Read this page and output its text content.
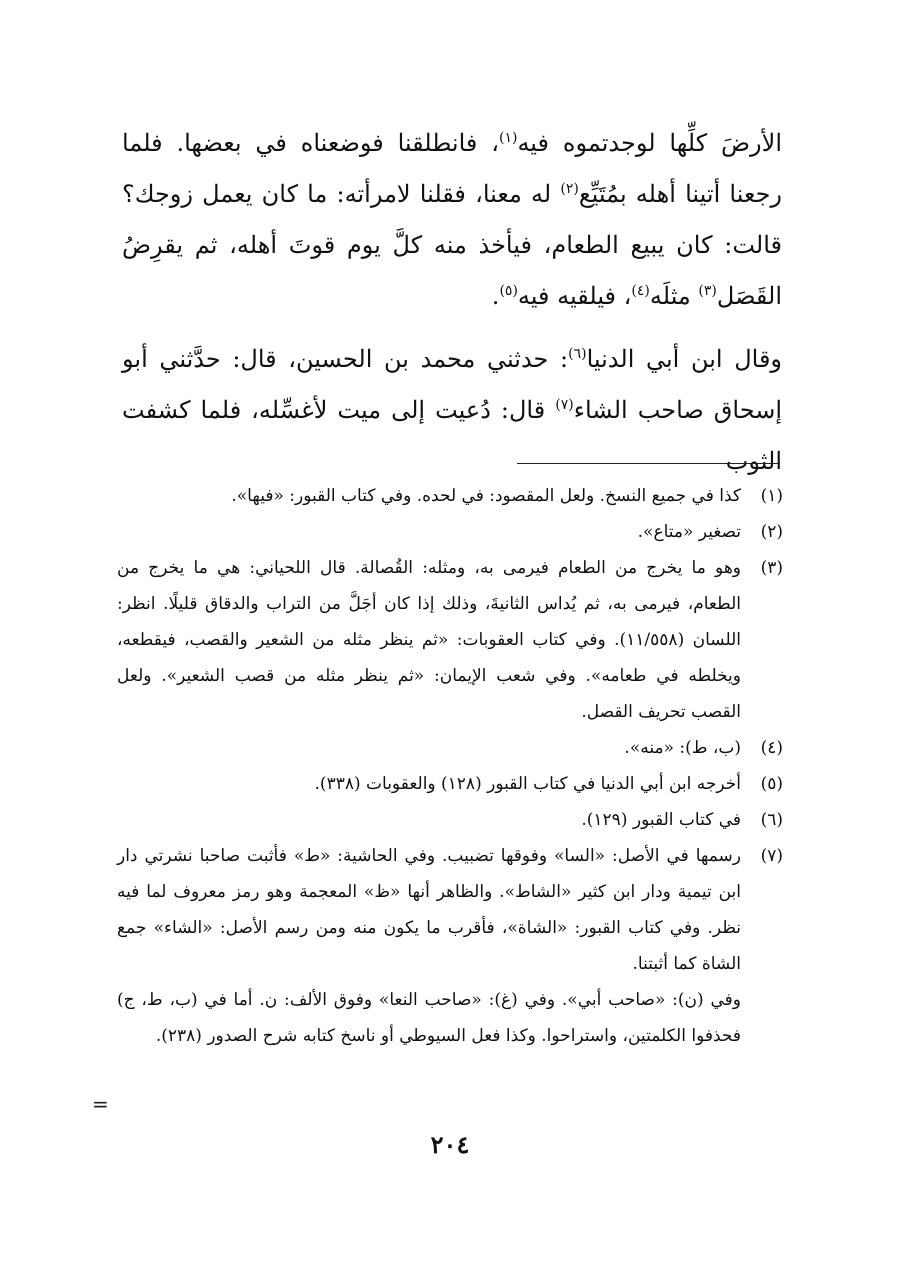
الأرضَ كلِّها لوجدتموه فيه$^{(١)}$، فانطلقنا فوضعناه في بعضها. فلما رجعنا أتينا أهله بمُتَيِّع$^{(٢)}$ له معنا، فقلنا لامرأته: ما كان يعمل زوجك؟ قالت: كان يبيع الطعام، فيأخذ منه كلَّ يوم قوتَ أهله، ثم يقرِضُ القَصَل$^{(٣)}$ مثلَه$^{(٤)}$، فيلقيه فيه$^{(٥)}$.

وقال ابن أبي الدنيا$^{(٦)}$: حدثني محمد بن الحسين، قال: حدَّثني أبو إسحاق صاحب الشاء$^{(٧)}$ قال: دُعيت إلى ميت لأغسِّله، فلما كشفت الثوب

(١)
كذا في جميع النسخ. ولعل المقصود: في لحده. وفي كتاب القبور: «فيها».
(٢)
تصغير «متاع».
(٣)
وهو ما يخرج من الطعام فيرمى به، ومثله: القُصالة. قال اللحياني: هي ما يخرج من الطعام، فيرمى به، ثم يُداس الثانيةَ، وذلك إذا كان أجَلَّ من التراب والدقاق قليلًا. انظر: اللسان (١١/٥٥٨). وفي كتاب العقوبات: «ثم ينظر مثله من الشعير والقصب، فيقطعه، ويخلطه في طعامه». وفي شعب الإيمان: «ثم ينظر مثله من قصب الشعير». ولعل القصب تحريف القصل.
(٤)
(ب، ط): «منه».
(٥)
أخرجه ابن أبي الدنيا في كتاب القبور (١٢٨) والعقوبات (٣٣٨).
(٦)
في كتاب القبور (١٢٩).
(٧)
رسمها في الأصل: «السا» وفوقها تضبيب. وفي الحاشية: «ط» فأثبت صاحبا نشرتي دار ابن تيمية ودار ابن كثير «الشاط». والظاهر أنها «ظ» المعجمة وهو رمز معروف لما فيه نظر. وفي كتاب القبور: «الشاة»، فأقرب ما يكون منه ومن رسم الأصل: «الشاء» جمع الشاة كما أثبتنا.
وفي (ن): «صاحب أبي». وفي (غ): «صاحب النعا» وفوق الألف: ن. أما في (ب، ط، ج) فحذفوا الكلمتين، واستراحوا. وكذا فعل السيوطي أو ناسخ كتابه شرح الصدور (٢٣٨).
=
٢٠٤
